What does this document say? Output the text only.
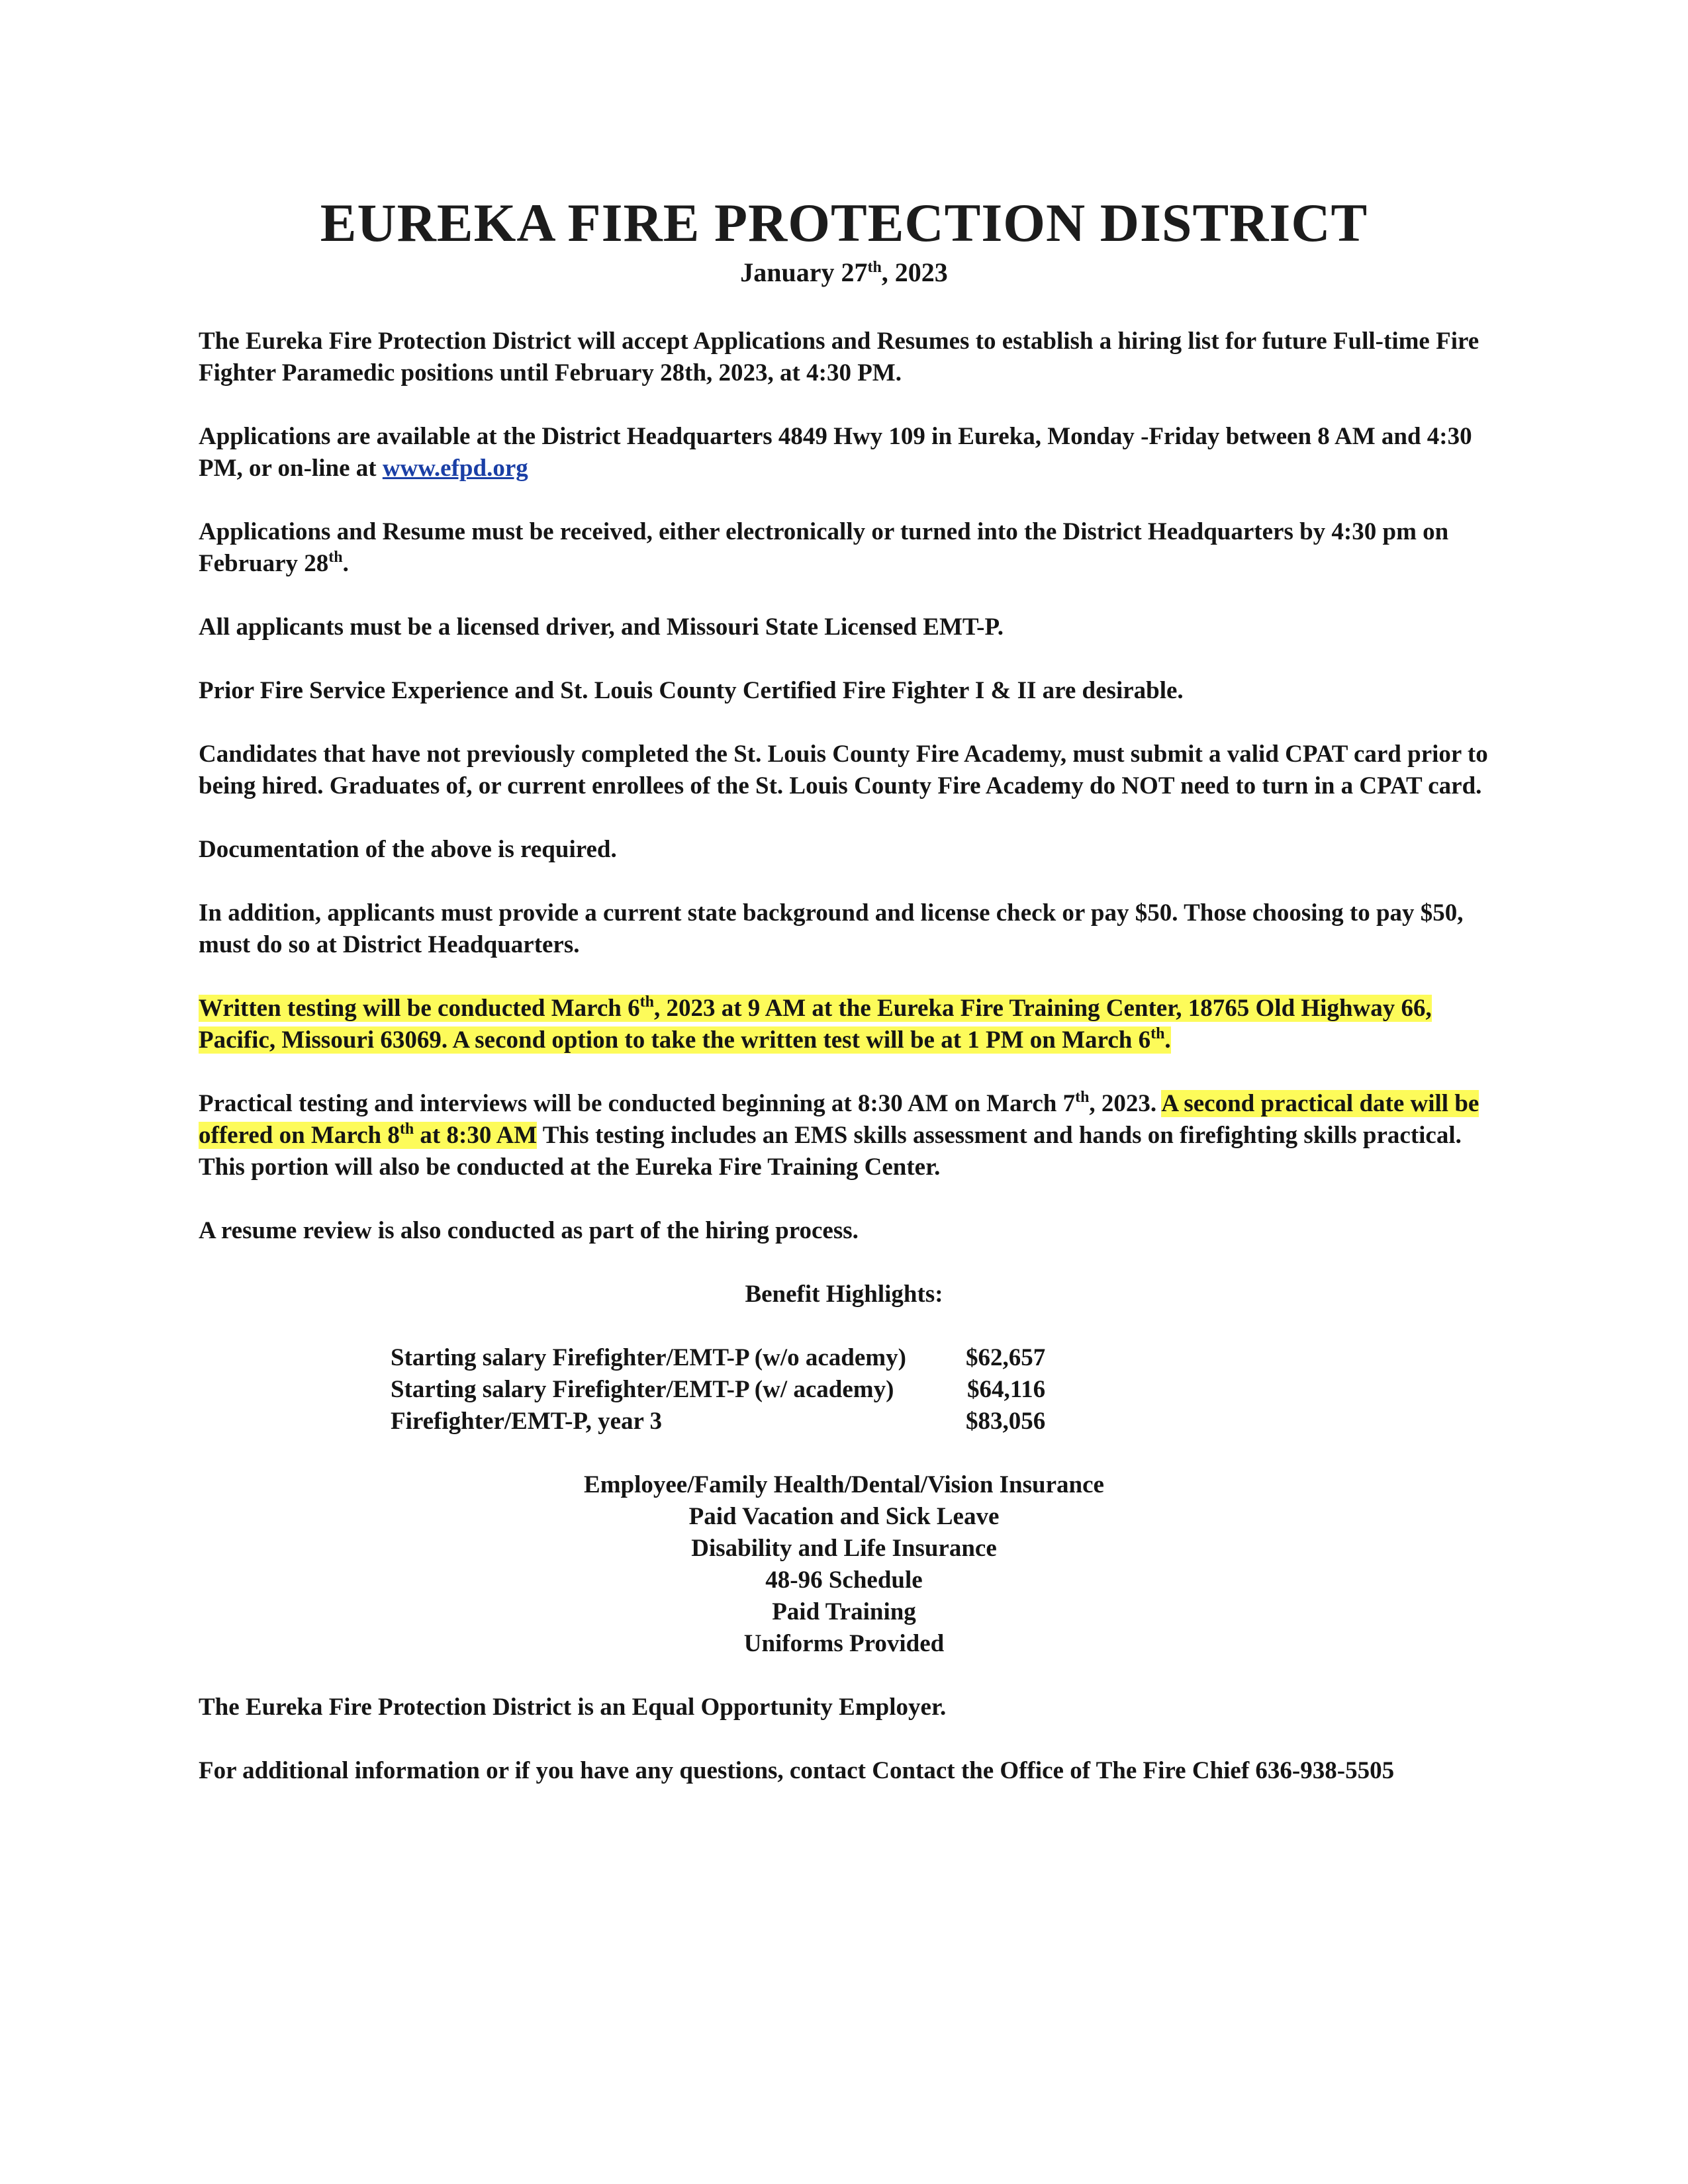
EUREKA FIRE PROTECTION DISTRICT
January 27th, 2023

The Eureka Fire Protection District will accept Applications and Resumes to establish a hiring list for future Full-time Fire Fighter Paramedic positions until February 28th, 2023, at 4:30 PM.

Applications are available at the District Headquarters 4849 Hwy 109 in Eureka, Monday -Friday between 8 AM and 4:30 PM, or on-line at www.efpd.org

Applications and Resume must be received, either electronically or turned into the District Headquarters by 4:30 pm on February 28th.

All applicants must be a licensed driver, and Missouri State Licensed EMT-P.

Prior Fire Service Experience and St. Louis County Certified Fire Fighter I & II are desirable.

Candidates that have not previously completed the St. Louis County Fire Academy, must submit a valid CPAT card prior to being hired. Graduates of, or current enrollees of the St. Louis County Fire Academy do NOT need to turn in a CPAT card.

Documentation of the above is required.

In addition, applicants must provide a current state background and license check or pay $50. Those choosing to pay $50, must do so at District Headquarters.

Written testing will be conducted March 6th, 2023 at 9 AM at the Eureka Fire Training Center, 18765 Old Highway 66, Pacific, Missouri 63069. A second option to take the written test will be at 1 PM on March 6th.

Practical testing and interviews will be conducted beginning at 8:30 AM on March 7th, 2023. A second practical date will be offered on March 8th at 8:30 AM This testing includes an EMS skills assessment and hands on firefighting skills practical. This portion will also be conducted at the Eureka Fire Training Center.

A resume review is also conducted as part of the hiring process.

Benefit Highlights:
Starting salary Firefighter/EMT-P (w/o academy)	$62,657
Starting salary Firefighter/EMT-P (w/ academy)	$64,116
Firefighter/EMT-P, year 3	$83,056
Employee/Family Health/Dental/Vision Insurance
Paid Vacation and Sick Leave
Disability and Life Insurance
48-96 Schedule
Paid Training
Uniforms Provided

The Eureka Fire Protection District is an Equal Opportunity Employer.

For additional information or if you have any questions, contact Contact the Office of The Fire Chief 636-938-5505
